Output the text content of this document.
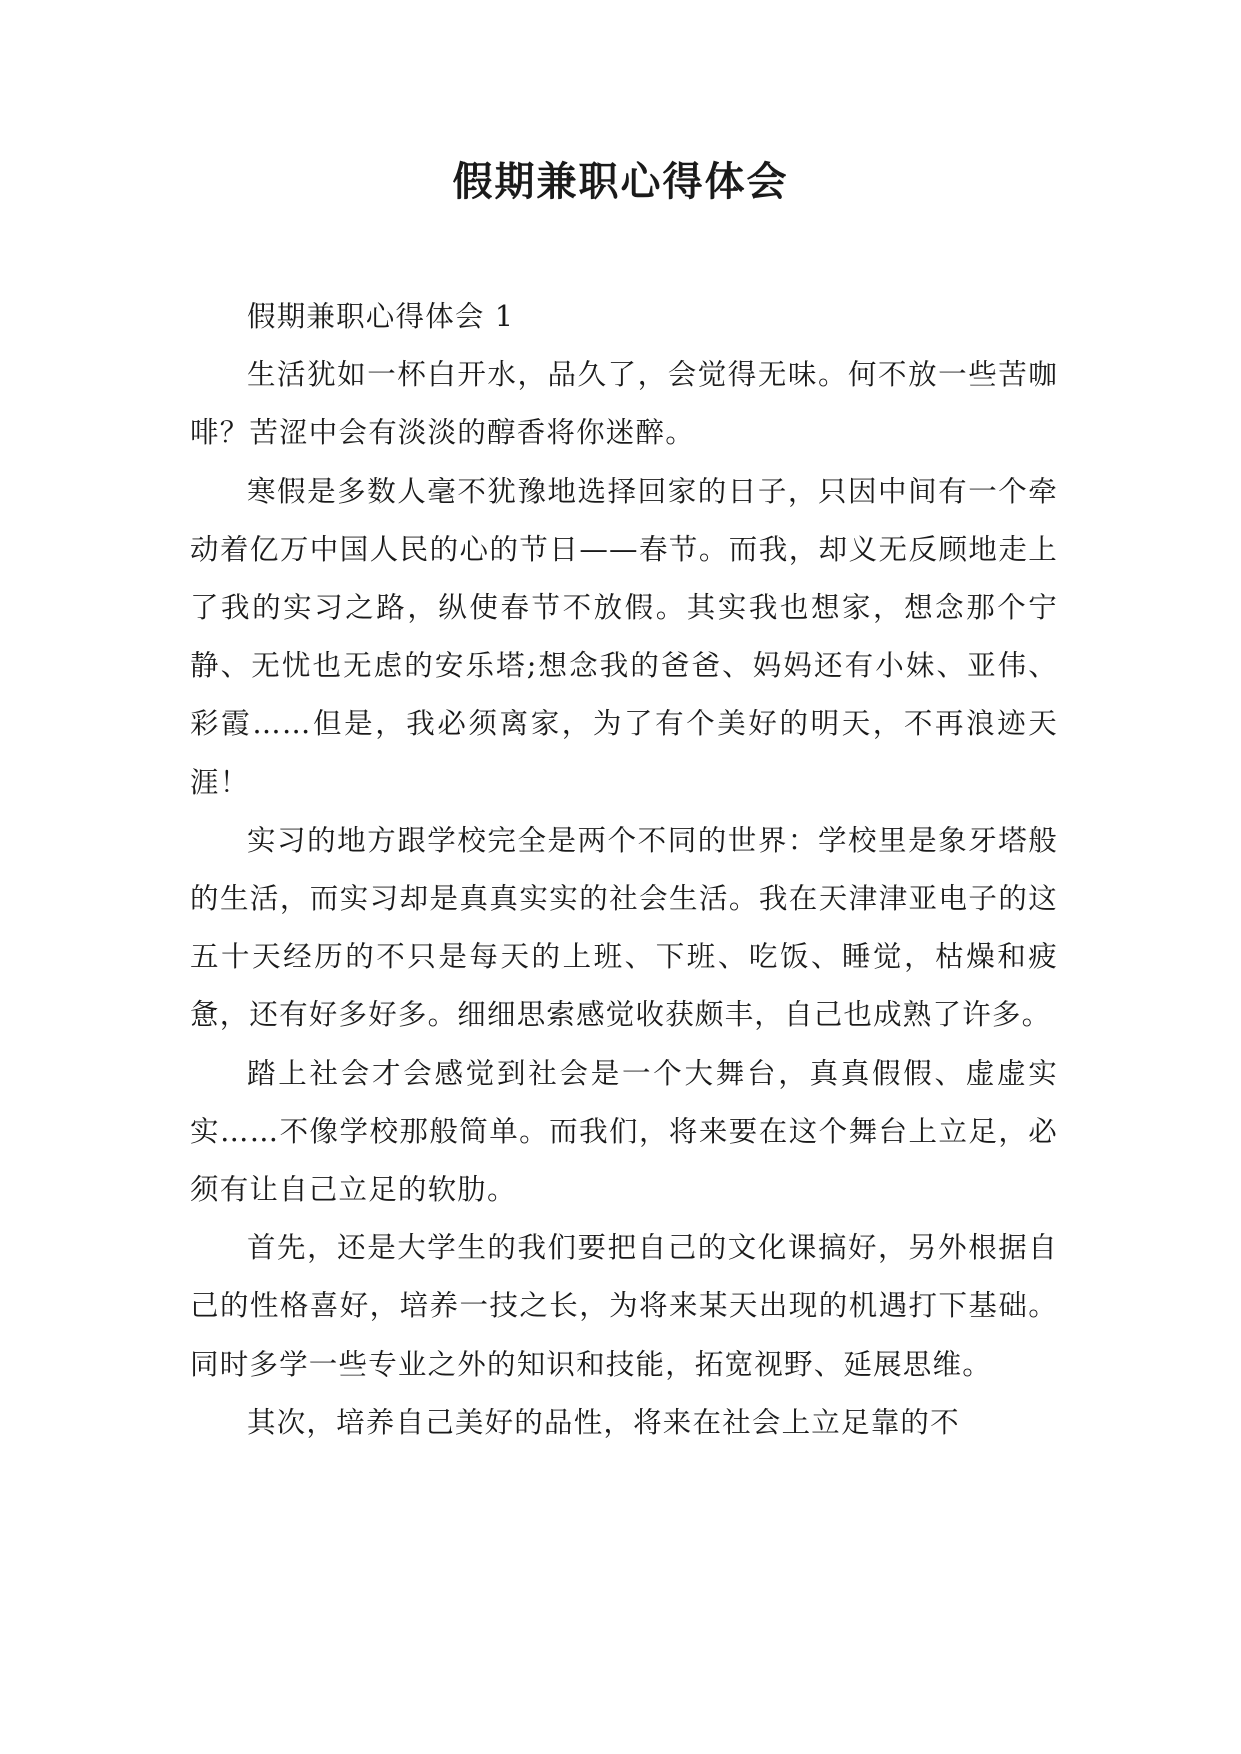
假期兼职心得体会

假期兼职心得体会 1

生活犹如一杯白开水，品久了，会觉得无味。何不放一些苦咖啡？苦涩中会有淡淡的醇香将你迷醉。

寒假是多数人毫不犹豫地选择回家的日子，只因中间有一个牵动着亿万中国人民的心的节日——春节。而我，却义无反顾地走上了我的实习之路，纵使春节不放假。其实我也想家，想念那个宁静、无忧也无虑的安乐塔;想念我的爸爸、妈妈还有小妹、亚伟、彩霞……但是，我必须离家，为了有个美好的明天，不再浪迹天涯！

实习的地方跟学校完全是两个不同的世界：学校里是象牙塔般的生活，而实习却是真真实实的社会生活。我在天津津亚电子的这五十天经历的不只是每天的上班、下班、吃饭、睡觉，枯燥和疲惫，还有好多好多。细细思索感觉收获颇丰，自己也成熟了许多。

踏上社会才会感觉到社会是一个大舞台，真真假假、虚虚实实……不像学校那般简单。而我们，将来要在这个舞台上立足，必须有让自己立足的软肋。

首先，还是大学生的我们要把自己的文化课搞好，另外根据自己的性格喜好，培养一技之长，为将来某天出现的机遇打下基础。同时多学一些专业之外的知识和技能，拓宽视野、延展思维。

其次，培养自己美好的品性，将来在社会上立足靠的不
